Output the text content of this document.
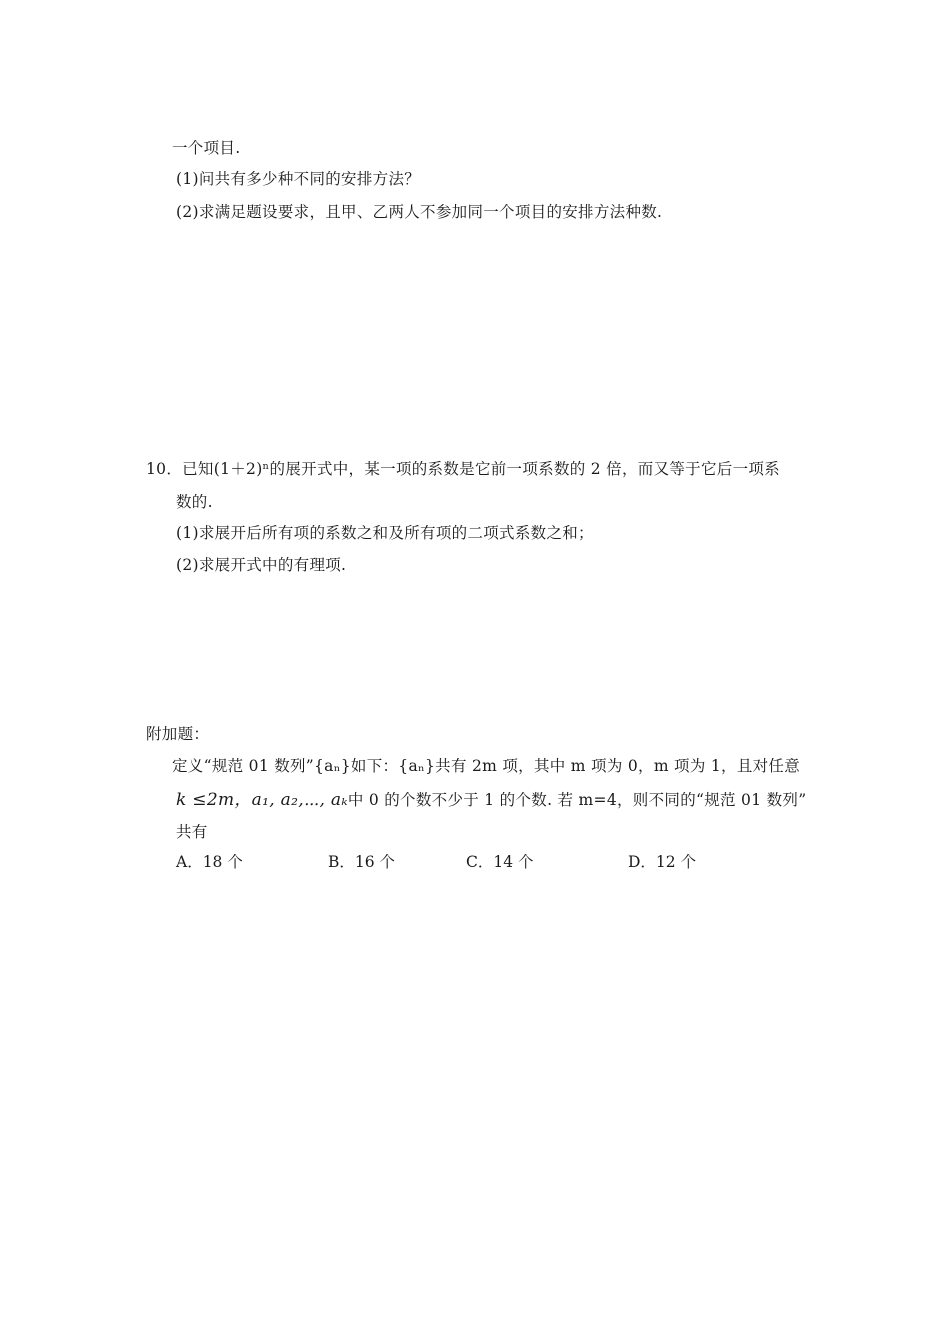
一个项目.
(1)问共有多少种不同的安排方法？
(2)求满足题设要求，且甲、乙两人不参加同一个项目的安排方法种数.
10．已知(1＋2)ⁿ的展开式中，某一项的系数是它前一项系数的 2 倍，而又等于它后一项系
数的.
(1)求展开后所有项的系数之和及所有项的二项式系数之和；
(2)求展开式中的有理项.
附加题：
定义“规范 01 数列”{aₙ}如下：{aₙ}共有 2m 项，其中 m 项为 0，m 项为 1，且对任意
k ≤2m，a₁, a₂,⋯, aₖ中 0 的个数不少于 1 的个数. 若 m=4，则不同的“规范 01 数列”
共有
A．18 个	B．16 个	C．14 个	D．12 个
